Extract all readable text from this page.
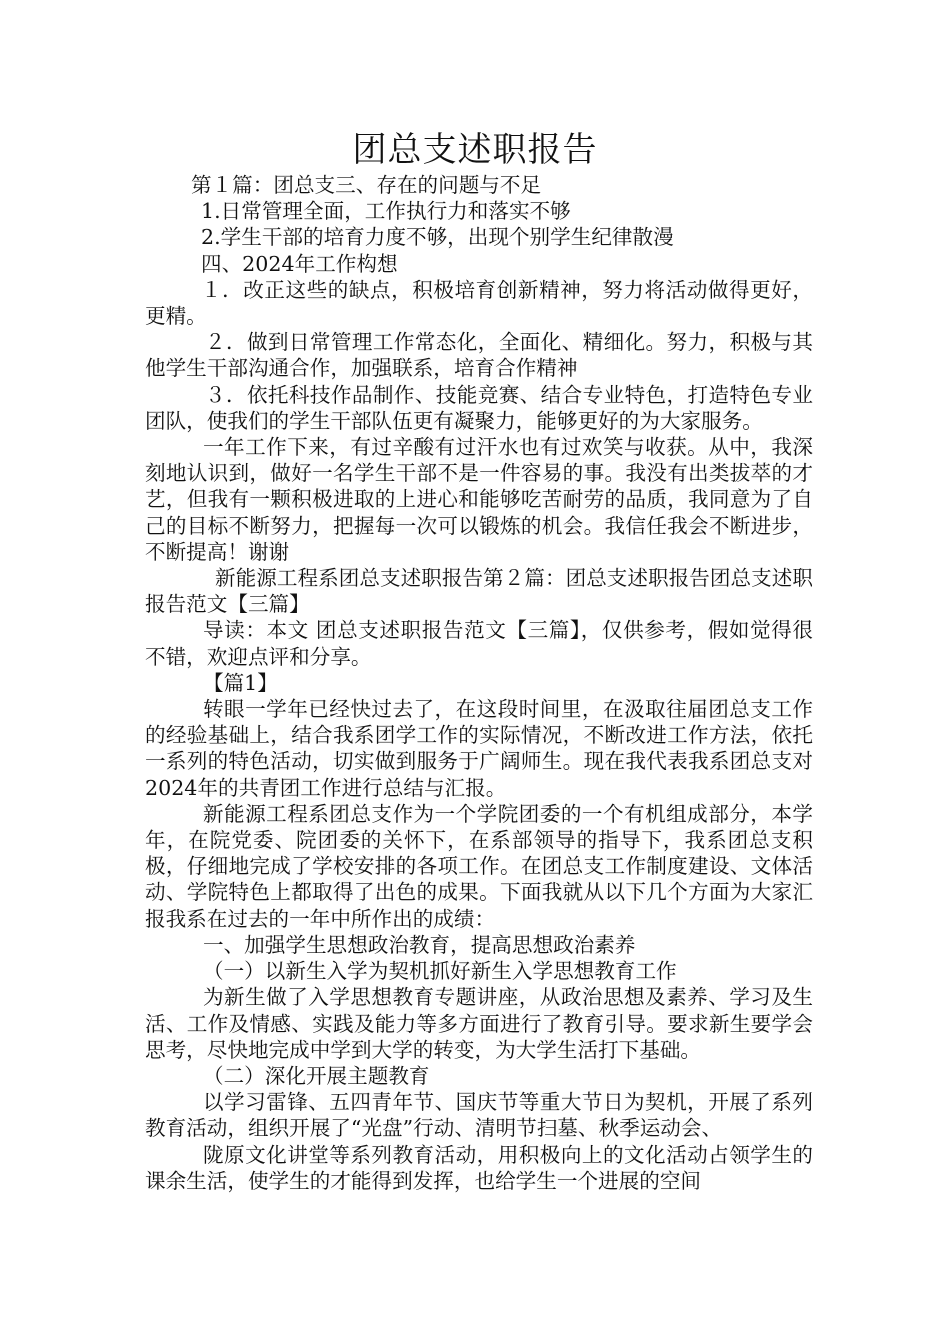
团总支述职报告

第１篇：团总支三、存在的问题与不足

1.日常管理全面，工作执行力和落实不够

2.学生干部的培育力度不够，出现个别学生纪律散漫

四、2024年工作构想

１．改正这些的缺点，积极培育创新精神，努力将活动做得更好，更精。

２．做到日常管理工作常态化，全面化、精细化。努力，积极与其他学生干部沟通合作，加强联系，培育合作精神

３．依托科技作品制作、技能竞赛、结合专业特色，打造特色专业团队，使我们的学生干部队伍更有凝聚力，能够更好的为大家服务。

一年工作下来，有过辛酸有过汗水也有过欢笑与收获。从中，我深刻地认识到，做好一名学生干部不是一件容易的事。我没有出类拔萃的才艺，但我有一颗积极进取的上进心和能够吃苦耐劳的品质，我同意为了自己的目标不断努力，把握每一次可以锻炼的机会。我信任我会不断进步，不断提高！谢谢

新能源工程系团总支述职报告第２篇：团总支述职报告团总支述职报告范文【三篇】

导读：本文 团总支述职报告范文【三篇】，仅供参考，假如觉得很不错，欢迎点评和分享。

【篇1】

转眼一学年已经快过去了，在这段时间里，在汲取往届团总支工作的经验基础上，结合我系团学工作的实际情况，不断改进工作方法，依托一系列的特色活动，切实做到服务于广阔师生。现在我代表我系团总支对2024年的共青团工作进行总结与汇报。

新能源工程系团总支作为一个学院团委的一个有机组成部分，本学年，在院党委、院团委的关怀下，在系部领导的指导下，我系团总支积极，仔细地完成了学校安排的各项工作。在团总支工作制度建设、文体活动、学院特色上都取得了出色的成果。下面我就从以下几个方面为大家汇报我系在过去的一年中所作出的成绩：

一、加强学生思想政治教育，提高思想政治素养

（一）以新生入学为契机抓好新生入学思想教育工作

为新生做了入学思想教育专题讲座，从政治思想及素养、学习及生活、工作及情感、实践及能力等多方面进行了教育引导。要求新生要学会思考，尽快地完成中学到大学的转变，为大学生活打下基础。

（二）深化开展主题教育

以学习雷锋、五四青年节、国庆节等重大节日为契机，开展了系列教育活动，组织开展了“光盘”行动、清明节扫墓、秋季运动会、

陇原文化讲堂等系列教育活动，用积极向上的文化活动占领学生的课余生活，使学生的才能得到发挥，也给学生一个进展的空间
